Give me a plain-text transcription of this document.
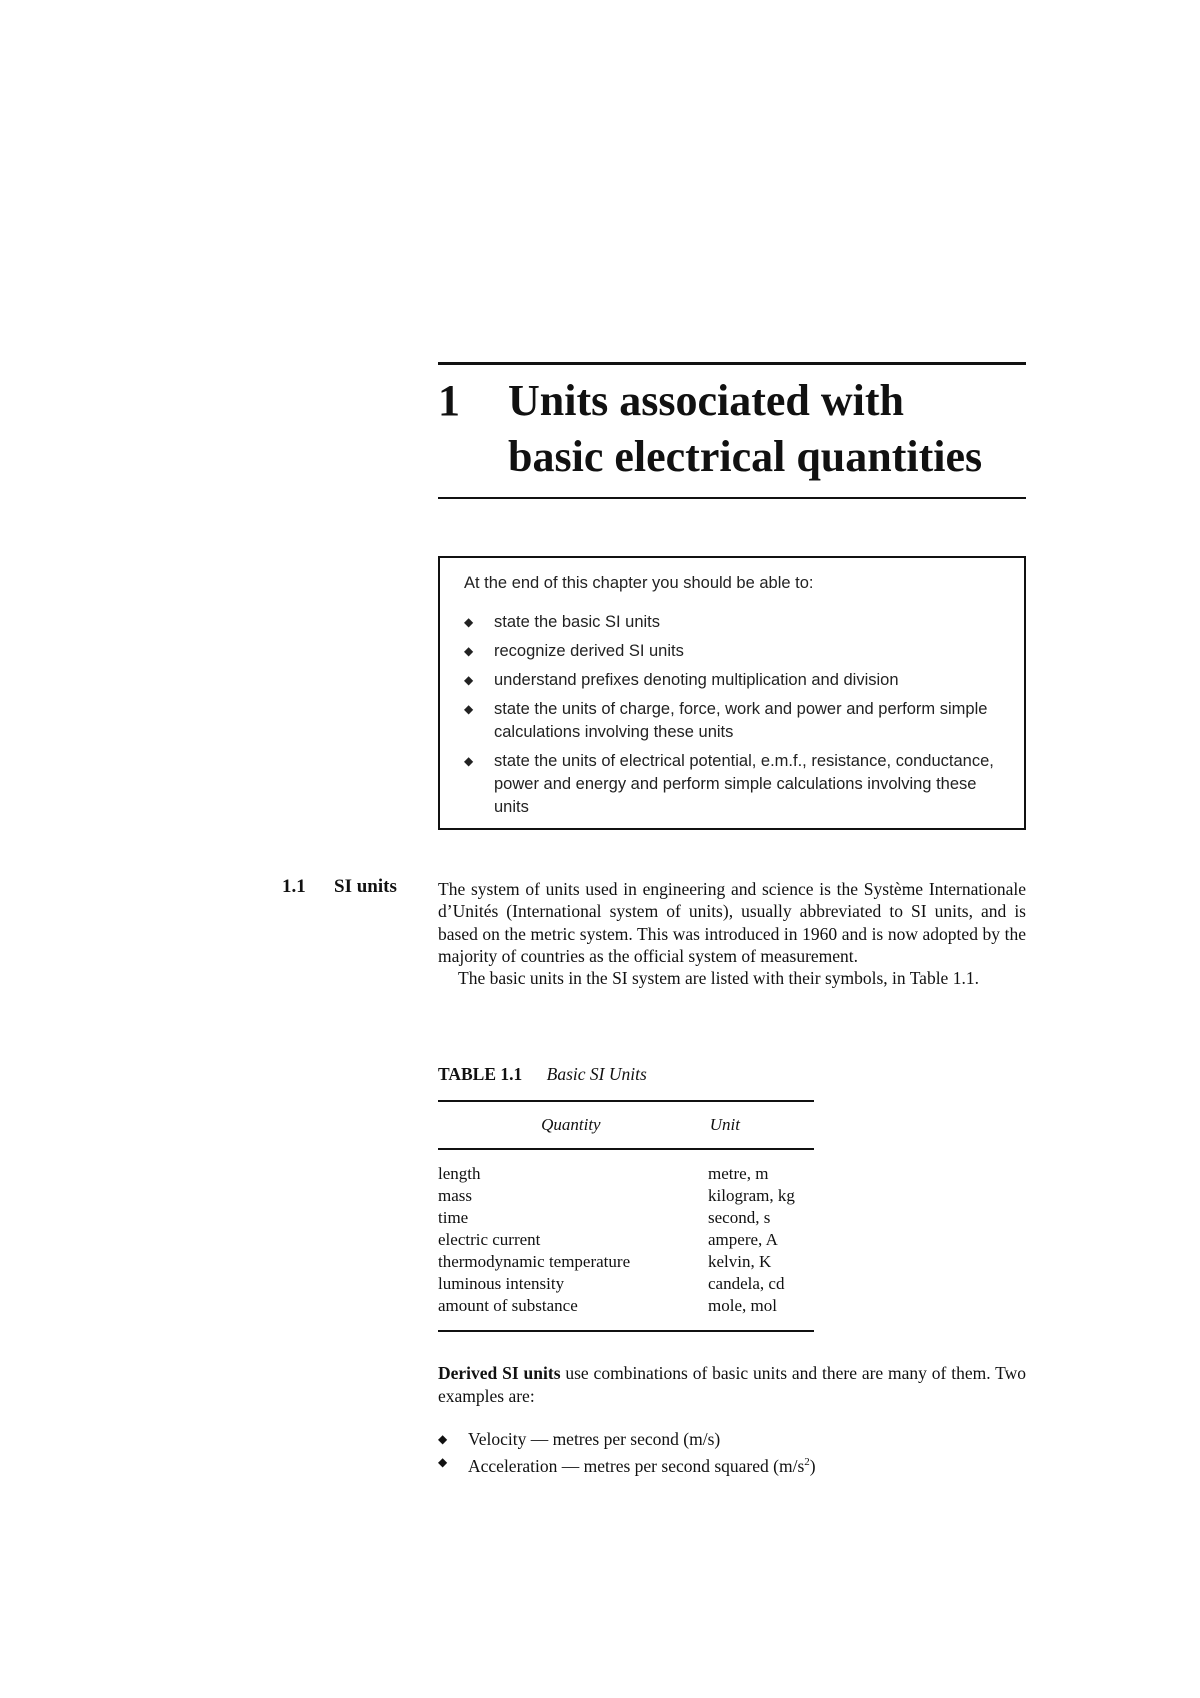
1	Units associated with
basic electrical quantities

At the end of this chapter you should be able to:

◆	state the basic SI units
◆	recognize derived SI units
◆	understand prefixes denoting multiplication and division
◆	state the units of charge, force, work and power and perform simple calculations involving these units
◆	state the units of electrical potential, e.m.f., resistance, conductance, power and energy and perform simple calculations involving these units
1.1 SI units The system of units used in engineering and science is the Système Internationale d’Unités (International system of units), usually abbreviated to SI units, and is based on the metric system. This was introduced in 1960 and is now adopted by the majority of countries as the official system of measurement.

The basic units in the SI system are listed with their symbols, in Table 1.1.

TABLE 1.1 Basic SI Units
Quantity	Unit
length	metre, m
mass	kilogram, kg
time	second, s
electric current	ampere, A
thermodynamic temperature	kelvin, K
luminous intensity	candela, cd
amount of substance	mole, mol

Derived SI units use combinations of basic units and there are many of them. Two examples are:

◆	Velocity — metres per second (m/s)
◆	Acceleration — metres per second squared $(m/s^2)$
